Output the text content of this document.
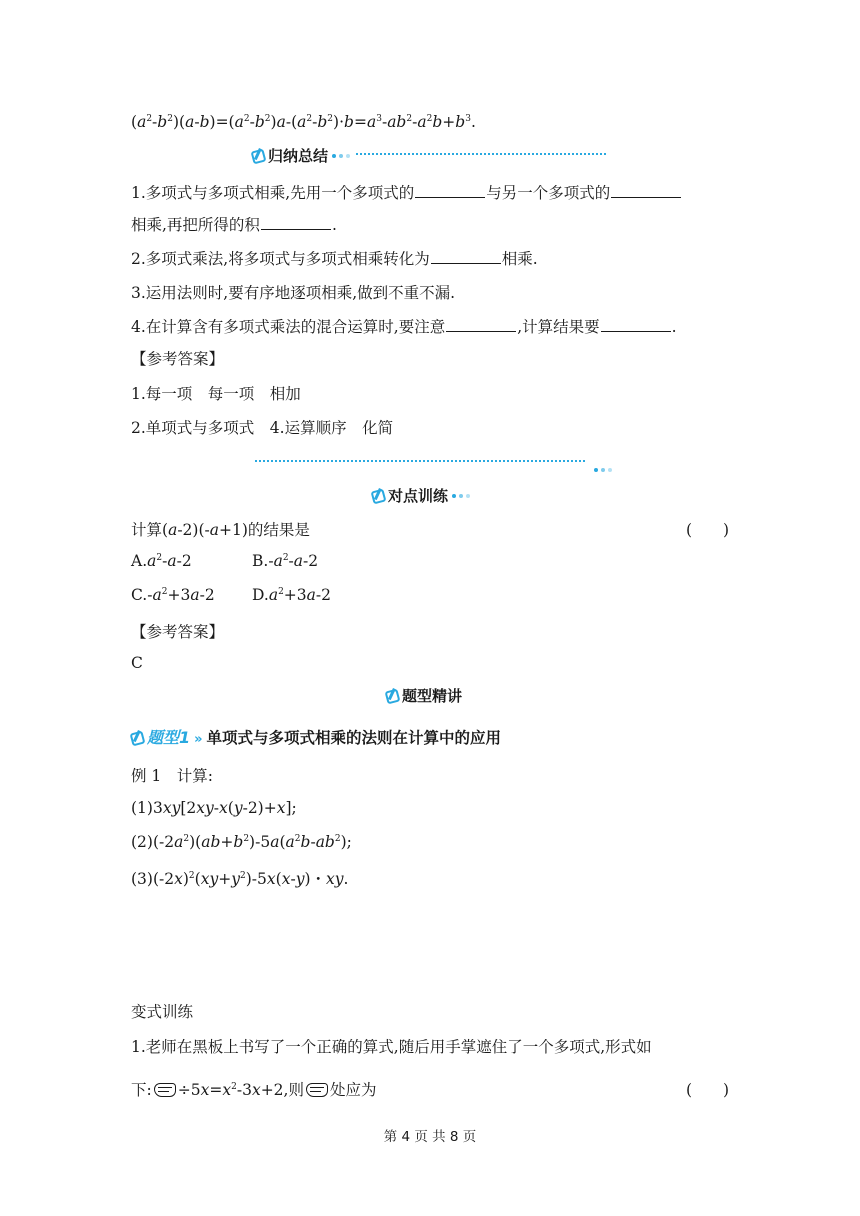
$(a^2-b^2)(a-b)=(a^2-b^2)a-(a^2-b^2)\cdot b=a^3-ab^2-a^2b+b^3$.
归纳总结
1.多项式与多项式相乘,先用一个多项式的	与另一个多项式的
相乘,再把所得的积	.
2.多项式乘法,将多项式与多项式相乘转化为	相乘.
3.运用法则时,要有序地逐项相乘,做到不重不漏.
4.在计算含有多项式乘法的混合运算时,要注意	,计算结果要	.
【参考答案】
1.每一项　每一项　相加
2.单项式与多项式　4.运算顺序　化简
对点训练
计算(a-2)(-a+1)的结果是	(　　)
$A.a^2-a-2$	$B.-a^2-a-2$
$C.-a^2+3a-2$ $D.a^2+3a-2$
【参考答案】
C
题型精讲
题型1 » 单项式与多项式相乘的法则在计算中的应用
例 1　计算:
(1)3xy[2xy-x(y-2)+x];
$(2)(-2a^2)(ab+b^2)-5a(a^2b-ab^2)$;
$(3)(-2x)^2(xy+y^2)-5x(x-y)$・xy.
变式训练
1.老师在黑板上书写了一个正确的算式,随后用手掌遮住了一个多项式,形式如
下: $\div 5x=x^2-3x+2$,则 处应为	(　　)
第 4 页 共 8 页
